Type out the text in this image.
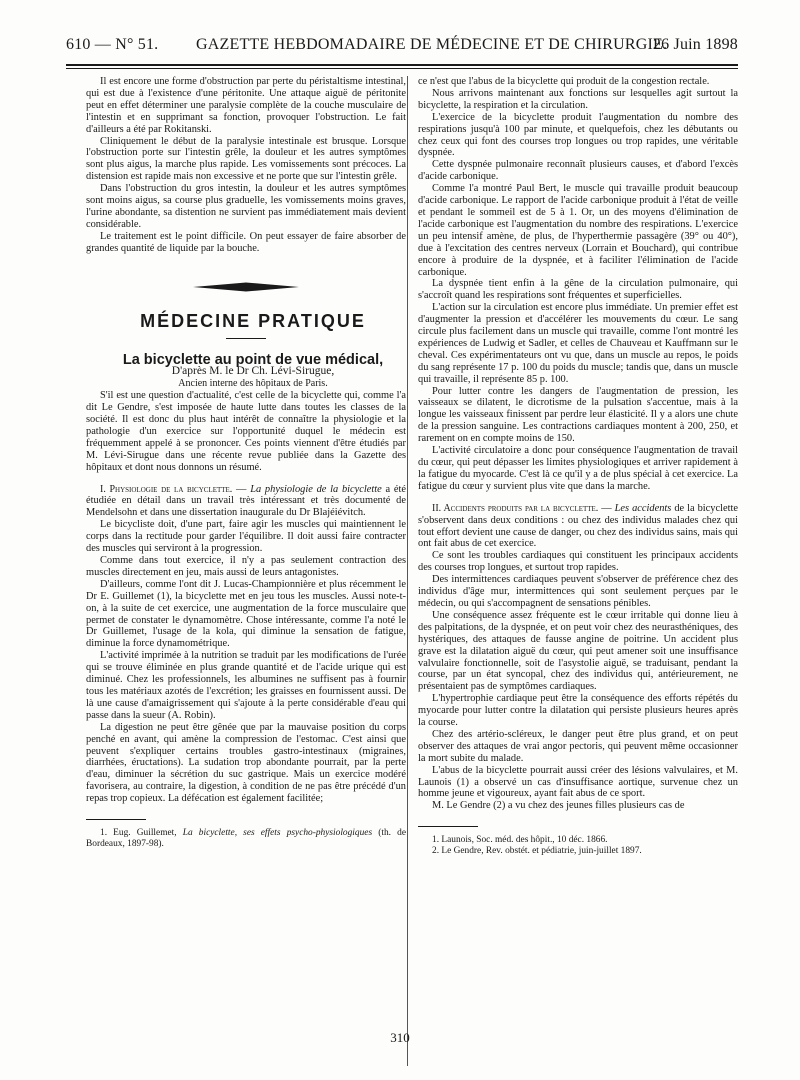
610 — N° 51. GAZETTE HEBDOMADAIRE DE MÉDECINE ET DE CHIRURGIE.
26 Juin 1898

Il est encore une forme d'obstruction par perte du péristaltisme intestinal, qui est due à l'existence d'une péritonite. Une attaque aiguë de péritonite peut en effet déterminer une paralysie complète de la couche musculaire de l'intestin et en supprimant sa fonction, provoquer l'obstruction. Le fait d'ailleurs a été par Rokitanski.

Cliniquement le début de la paralysie intestinale est brusque. Lorsque l'obstruction porte sur l'intestin grêle, la douleur et les autres symptômes sont plus aigus, la marche plus rapide. Les vomissements sont précoces. La distension est rapide mais non excessive et ne porte que sur l'intestin grêle.

Dans l'obstruction du gros intestin, la douleur et les autres symptômes sont moins aigus, sa course plus graduelle, les vomissements moins graves, l'urine abondante, sa distention ne survient pas immédiatement mais devient considérable.

Le traitement est le point difficile. On peut essayer de faire absorber de grandes quantité de liquide par la bouche.

MÉDECINE PRATIQUE

La bicyclette au point de vue médical,

D'après M. le Dr Ch. Lévi-Sirugue,

Ancien interne des hôpitaux de Paris.

S'il est une question d'actualité, c'est celle de la bicyclette qui, comme l'a dit Le Gendre, s'est imposée de haute lutte dans toutes les classes de la société. Il est donc du plus haut intérêt de connaître la physiologie et la pathologie d'un exercice sur l'opportunité duquel le médecin est fréquemment appelé à se prononcer. Ces points viennent d'être étudiés par M. Lévi-Sirugue dans une récente revue publiée dans la Gazette des hôpitaux et dont nous donnons un résumé.

I. Physiologie de la bicyclette. — La physiologie de la bicyclette a été étudiée en détail dans un travail très intéressant et très documenté de Mendelsohn et dans une dissertation inaugurale du Dr Blajéiévitch.

Le bicycliste doit, d'une part, faire agir les muscles qui maintiennent le corps dans la rectitude pour garder l'équilibre. Il doit aussi faire contracter des muscles qui serviront à la progression.

Comme dans tout exercice, il n'y a pas seulement contraction des muscles directement en jeu, mais aussi de leurs antagonistes.

D'ailleurs, comme l'ont dit J. Lucas-Championnière et plus récemment le Dr E. Guillemet (1), la bicyclette met en jeu tous les muscles. Aussi note-t-on, à la suite de cet exercice, une augmentation de la force musculaire que permet de constater le dynamomètre. Chose intéressante, comme l'a noté le Dr Guillemet, l'usage de la kola, qui diminue la sensation de fatigue, diminue la force dynamométrique.

L'activité imprimée à la nutrition se traduit par les modifications de l'urée qui se trouve éliminée en plus grande quantité et de l'acide urique qui est diminué. Chez les professionnels, les albumines ne suffisent pas à fournir tous les matériaux azotés de l'excrétion; les graisses en fournissent aussi. De là une cause d'amaigrissement qui s'ajoute à la perte considérable d'eau qui passe dans la sueur (A. Robin).

La digestion ne peut être gênée que par la mauvaise position du corps penché en avant, qui amène la compression de l'estomac. C'est ainsi que peuvent s'expliquer certains troubles gastro-intestinaux (migraines, diarrhées, éructations). La sudation trop abondante pourrait, par la perte d'eau, diminuer la sécrétion du suc gastrique. Mais un exercice modéré favorisera, au contraire, la digestion, à condition de ne pas être précédé d'un repas trop copieux. La défécation est également facilitée;

1. Eug. Guillemet, La bicyclette, ses effets psycho-physiologiques (th. de Bordeaux, 1897-98).

ce n'est que l'abus de la bicyclette qui produit de la congestion rectale.

Nous arrivons maintenant aux fonctions sur lesquelles agit surtout la bicyclette, la respiration et la circulation.

L'exercice de la bicyclette produit l'augmentation du nombre des respirations jusqu'à 100 par minute, et quelquefois, chez les débutants ou chez ceux qui font des courses trop longues ou trop rapides, une véritable dyspnée.

Cette dyspnée pulmonaire reconnaît plusieurs causes, et d'abord l'excès d'acide carbonique.

Comme l'a montré Paul Bert, le muscle qui travaille produit beaucoup d'acide carbonique. Le rapport de l'acide carbonique produit à l'état de veille et pendant le sommeil est de 5 à 1. Or, un des moyens d'élimination de l'acide carbonique est l'augmentation du nombre des respirations. L'exercice un peu intensif amène, de plus, de l'hyperthermie passagère (39° ou 40°), due à l'excitation des centres nerveux (Lorrain et Bouchard), qui contribue encore à produire de la dyspnée, et à faciliter l'élimination de l'acide carbonique.

La dyspnée tient enfin à la gêne de la circulation pulmonaire, qui s'accroît quand les respirations sont fréquentes et superficielles.

L'action sur la circulation est encore plus immédiate. Un premier effet est d'augmenter la pression et d'accélérer les mouvements du cœur. Le sang circule plus facilement dans un muscle qui travaille, comme l'ont montré les expériences de Ludwig et Sadler, et celles de Chauveau et Kauffmann sur le cheval. Ces expérimentateurs ont vu que, dans un muscle au repos, le poids du sang représente 17 p. 100 du poids du muscle; tandis que, dans un muscle qui travaille, il représente 85 p. 100.

Pour lutter contre les dangers de l'augmentation de pression, les vaisseaux se dilatent, le dicrotisme de la pulsation s'accentue, mais à la longue les vaisseaux finissent par perdre leur élasticité. Il y a alors une chute de la pression sanguine. Les contractions cardiaques montent à 200, 250, et rarement on en compte moins de 150.

L'activité circulatoire a donc pour conséquence l'augmentation de travail du cœur, qui peut dépasser les limites physiologiques et arriver rapidement à la fatigue du myocarde. C'est là ce qu'il y a de plus spécial à cet exercice. La fatigue du cœur y survient plus vite que dans la marche.

II. Accidents produits par la bicyclette. — Les accidents de la bicyclette s'observent dans deux conditions : ou chez des individus malades chez qui tout effort devient une cause de danger, ou chez des individus sains, mais qui ont fait abus de cet exercice.

Ce sont les troubles cardiaques qui constituent les principaux accidents des courses trop longues, et surtout trop rapides.

Des intermittences cardiaques peuvent s'observer de préférence chez des individus d'âge mur, intermittences qui sont seulement perçues par le médecin, ou qui s'accompagnent de sensations pénibles.

Une conséquence assez fréquente est le cœur irritable qui donne lieu à des palpitations, de la dyspnée, et on peut voir chez des neurasthéniques, des hystériques, des attaques de fausse angine de poitrine. Un accident plus grave est la dilatation aiguë du cœur, qui peut amener soit une insuffisance valvulaire fonctionnelle, soit de l'asystolie aiguë, se traduisant, pendant la course, par un état syncopal, chez des individus qui, antérieurement, ne présentaient pas de symptômes cardiaques.

L'hypertrophie cardiaque peut être la conséquence des efforts répétés du myocarde pour lutter contre la dilatation qui persiste plusieurs heures après la course.

Chez des artério-scléreux, le danger peut être plus grand, et on peut observer des attaques de vrai angor pectoris, qui peuvent même occasionner la mort subite du malade.

L'abus de la bicyclette pourrait aussi créer des lésions valvulaires, et M. Launois (1) a observé un cas d'insuffisance aortique, survenue chez un homme jeune et vigoureux, ayant fait abus de ce sport.

M. Le Gendre (2) a vu chez des jeunes filles plusieurs cas de

1. Launois, Soc. méd. des hôpit., 10 déc. 1866.

2. Le Gendre, Rev. obstét. et pédiatrie, juin-juillet 1897.

310
